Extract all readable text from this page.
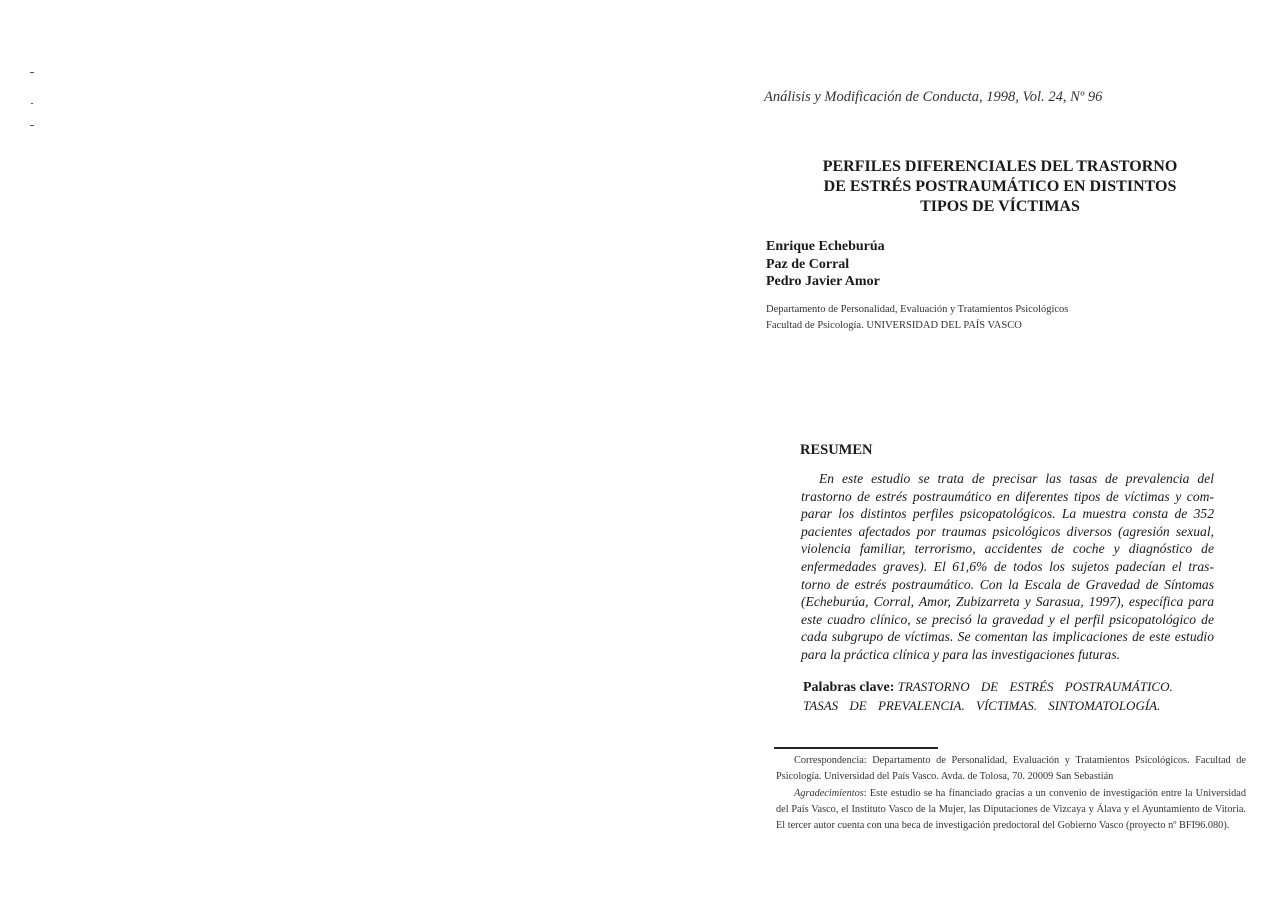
Análisis y Modificación de Conducta, 1998, Vol. 24, Nº 96
PERFILES DIFERENCIALES DEL TRASTORNO
DE ESTRÉS POSTRAUMÁTICO EN DISTINTOS
TIPOS DE VÍCTIMAS
Enrique Echeburúa
Paz de Corral
Pedro Javier Amor
Departamento de Personalidad, Evaluación y Tratamientos Psicológicos
Facultad de Psicología. UNIVERSIDAD DEL PAÍS VASCO
RESUMEN
En este estudio se trata de precisar las tasas de prevalencia del
trastorno de estrés postraumático en diferentes tipos de víctimas y com-
parar los distintos perfiles psicopatológicos. La muestra consta de 352
pacientes afectados por traumas psicológicos diversos (agresión sexual,
violencia familiar, terrorismo, accidentes de coche y diagnóstico de
enfermedades graves). El 61,6% de todos los sujetos padecían el tras-
torno de estrés postraumático. Con la Escala de Gravedad de Síntomas
(Echeburúa, Corral, Amor, Zubizarreta y Sarasua, 1997), específica para
este cuadro clínico, se precisó la gravedad y el perfil psicopatológico de
cada subgrupo de víctimas. Se comentan las implicaciones de este estudio
para la práctica clínica y para las investigaciones futuras.
Palabras clave: TRASTORNO DE ESTRÉS POSTRAUMÁTICO. TASAS DE PREVALENCIA. VÍCTIMAS. SINTOMATOLOGÍA.

Correspondencia: Departamento de Personalidad, Evaluación y Tratamientos Psicológicos. Facultad de Psicología. Universidad del País Vasco. Avda. de Tolosa, 70. 20009 San Sebastián

Agradecimientos: Este estudio se ha financiado gracias a un convenio de investigación entre la Universidad del País Vasco, el Instituto Vasco de la Mujer, las Diputaciones de Vizcaya y Álava y el Ayuntamiento de Vitoria. El tercer autor cuenta con una beca de investigación predoctoral del Gobierno Vasco (proyecto nº BFI96.080).
